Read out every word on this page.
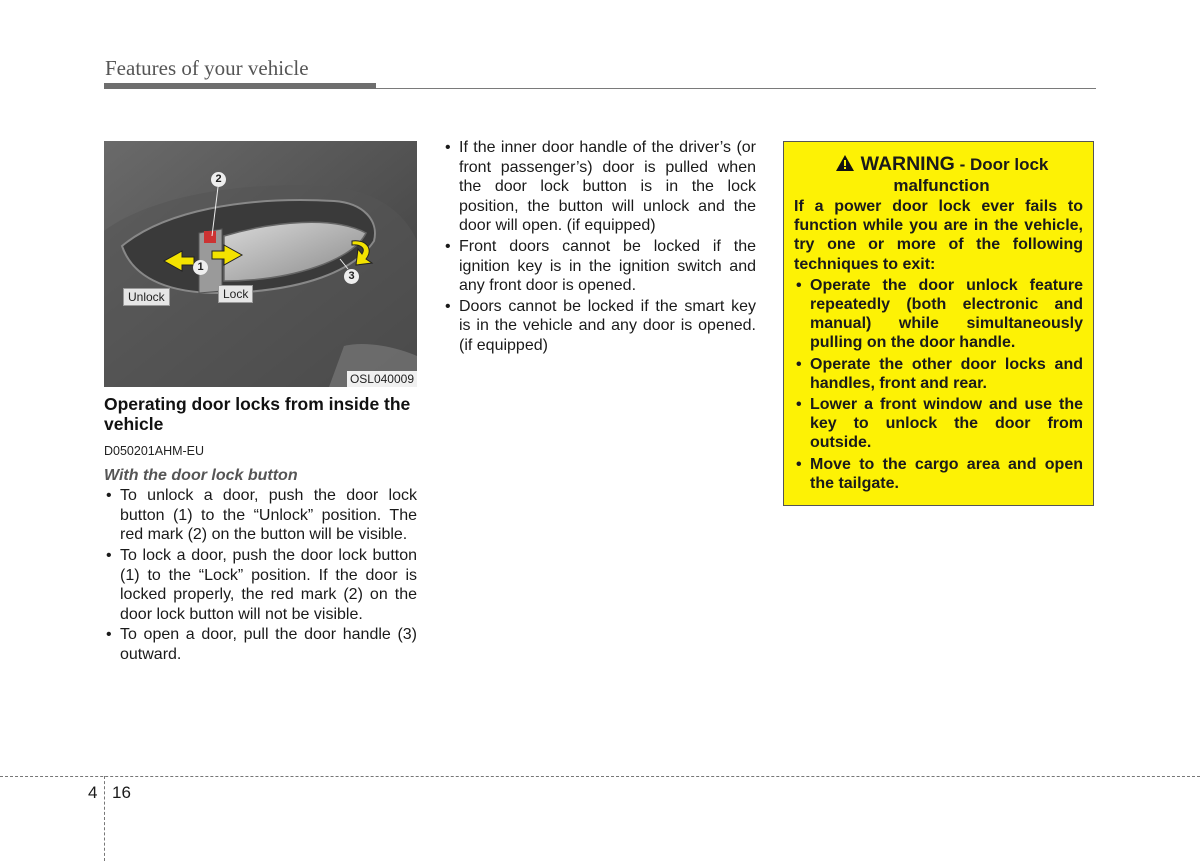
Features of your vehicle
2
1
3
Unlock	Lock
OSL040009
Operating door locks from inside the vehicle
D050201AHM-EU
With the door lock button
• To unlock a door, push the door lock button (1) to the “Unlock” position. The red mark (2) on the button will be visible.
• To lock a door, push the door lock button (1) to the “Lock” position. If the door is locked properly, the red mark (2) on the door lock button will not be visible.
• To open a door, pull the door handle (3) outward.
• If the inner door handle of the driver’s (or front passenger’s) door is pulled when the door lock button is in the lock position, the button will unlock and the door will open. (if equipped)
• Front doors cannot be locked if the ignition key is in the ignition switch and any front door is opened.
• Doors cannot be locked if the smart key is in the vehicle and any door is opened. (if equipped)
WARNING - Door lock malfunction
If a power door lock ever fails to function while you are in the vehicle, try one or more of the following techniques to exit:
• Operate the door unlock feature repeatedly (both electronic and manual) while simultaneously pulling on the door handle.
• Operate the other door locks and handles, front and rear.
• Lower a front window and use the key to unlock the door from outside.
• Move to the cargo area and open the tailgate.
4 16
